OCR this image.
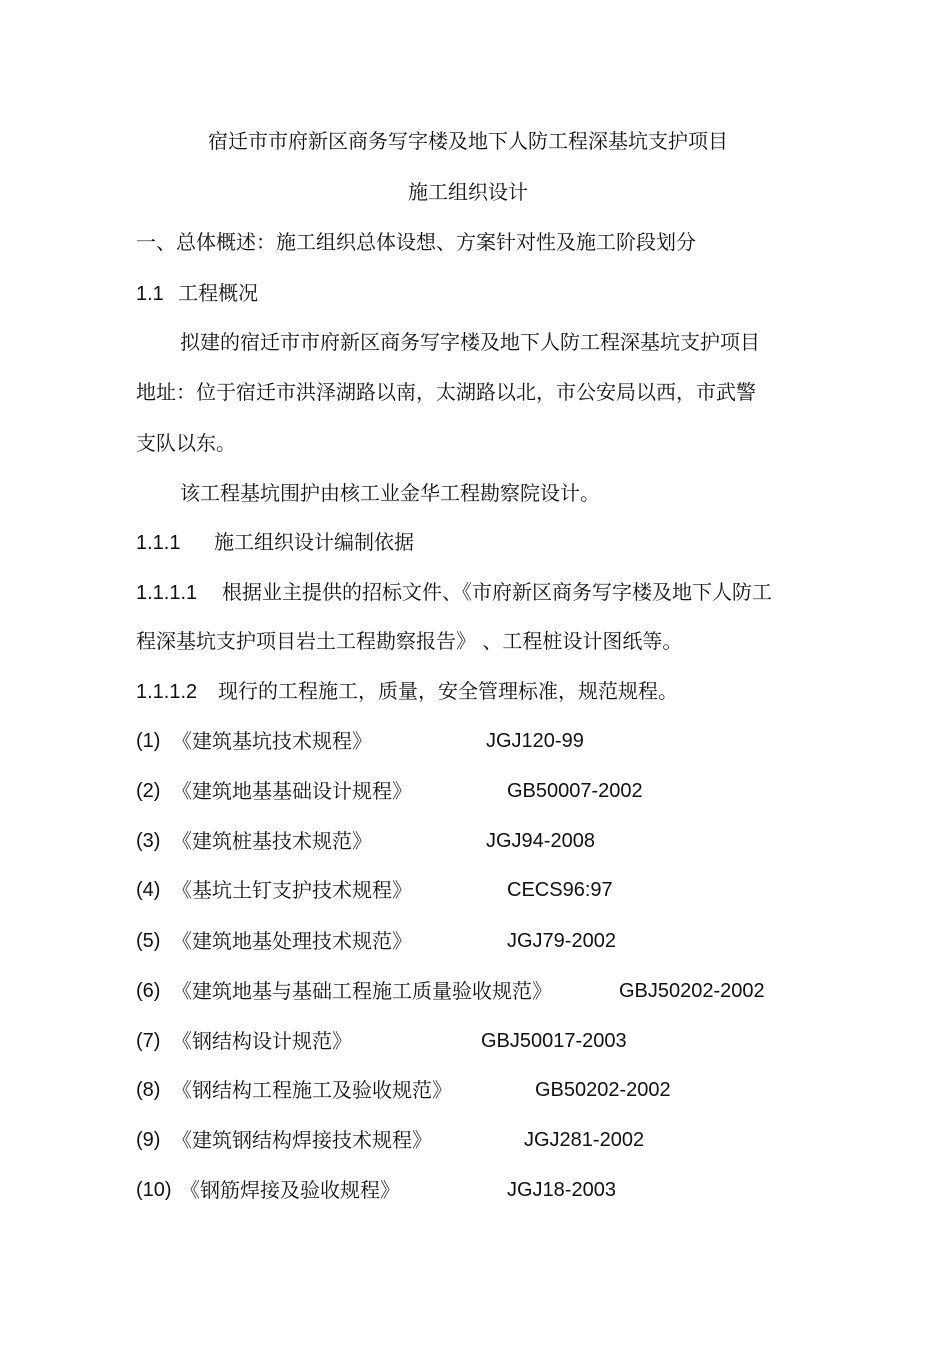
宿迁市市府新区商务写字楼及地下人防工程深基坑支护项目
施工组织设计
一、总体概述：施工组织总体设想、方案针对性及施工阶段划分
1.1 工程概况
拟建的宿迁市市府新区商务写字楼及地下人防工程深基坑支护项目
地址：位于宿迁市洪泽湖路以南，太湖路以北，市公安局以西，市武警
支队以东。
该工程基坑围护由核工业金华工程勘察院设计。
1.1.1 施工组织设计编制依据
1.1.1.1 根据业主提供的招标文件、《市府新区商务写字楼及地下人防工
程深基坑支护项目岩土工程勘察报告》 、工程桩设计图纸等。
1.1.1.2 现行的工程施工，质量，安全管理标准，规范规程。
(1) 《建筑基坑技术规程》	JGJ120-99
(2) 《建筑地基基础设计规程》	GB50007-2002
(3) 《建筑桩基技术规范》	JGJ94-2008
(4) 《基坑土钉支护技术规程》	CECS96:97
(5) 《建筑地基处理技术规范》	JGJ79-2002
(6) 《建筑地基与基础工程施工质量验收规范》	GBJ50202-2002
(7) 《钢结构设计规范》	GBJ50017-2003
(8) 《钢结构工程施工及验收规范》	GB50202-2002
(9) 《建筑钢结构焊接技术规程》	JGJ281-2002
(10) 《钢筋焊接及验收规程》	JGJ18-2003
